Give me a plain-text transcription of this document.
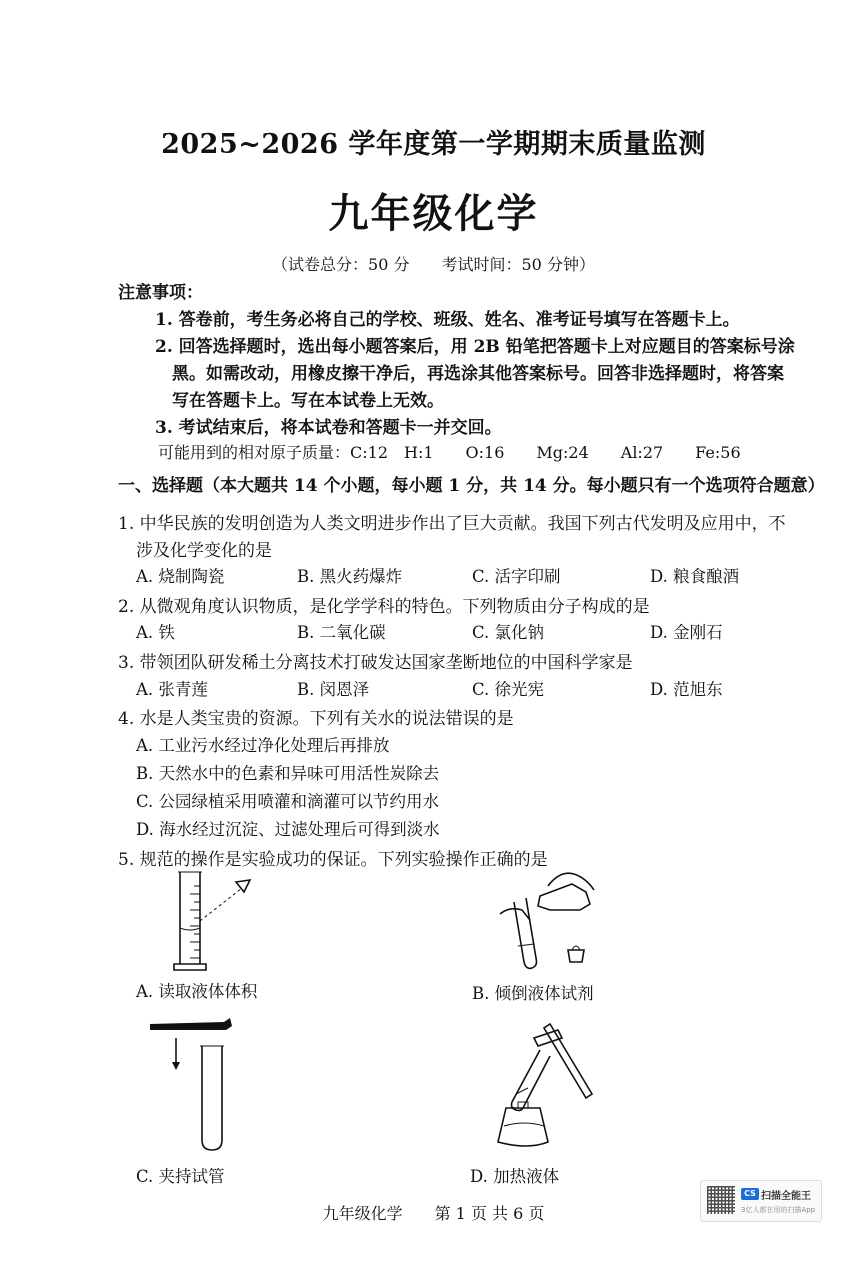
2025~2026 学年度第一学期期末质量监测
九年级化学
（试卷总分：50 分　　考试时间：50 分钟）
注意事项：
1. 答卷前，考生务必将自己的学校、班级、姓名、准考证号填写在答题卡上。
2. 回答选择题时，选出每小题答案后，用 2B 铅笔把答题卡上对应题目的答案标号涂
黑。如需改动，用橡皮擦干净后，再选涂其他答案标号。回答非选择题时，将答案
写在答题卡上。写在本试卷上无效。
3. 考试结束后，将本试卷和答题卡一并交回。
可能用到的相对原子质量：C:12　H:1　　O:16　　Mg:24　　Al:27　　Fe:56
一、选择题（本大题共 14 个小题，每小题 1 分，共 14 分。每小题只有一个选项符合题意）
1. 中华民族的发明创造为人类文明进步作出了巨大贡献。我国下列古代发明及应用中，不
涉及化学变化的是
A. 烧制陶瓷	B. 黑火药爆炸	C. 活字印刷	D. 粮食酿酒
2. 从微观角度认识物质，是化学学科的特色。下列物质由分子构成的是
A. 铁	B. 二氧化碳	C. 氯化钠	D. 金刚石
3. 带领团队研发稀土分离技术打破发达国家垄断地位的中国科学家是
A. 张青莲	B. 闵恩泽	C. 徐光宪	D. 范旭东
4. 水是人类宝贵的资源。下列有关水的说法错误的是
A. 工业污水经过净化处理后再排放
B. 天然水中的色素和异味可用活性炭除去
C. 公园绿植采用喷灌和滴灌可以节约用水
D. 海水经过沉淀、过滤处理后可得到淡水
5. 规范的操作是实验成功的保证。下列实验操作正确的是
A. 读取液体体积	B. 倾倒液体试剂
C. 夹持试管	D. 加热液体
九年级化学　　第 1 页 共 6 页
CS 扫描全能王
3亿人都在用的扫描App
